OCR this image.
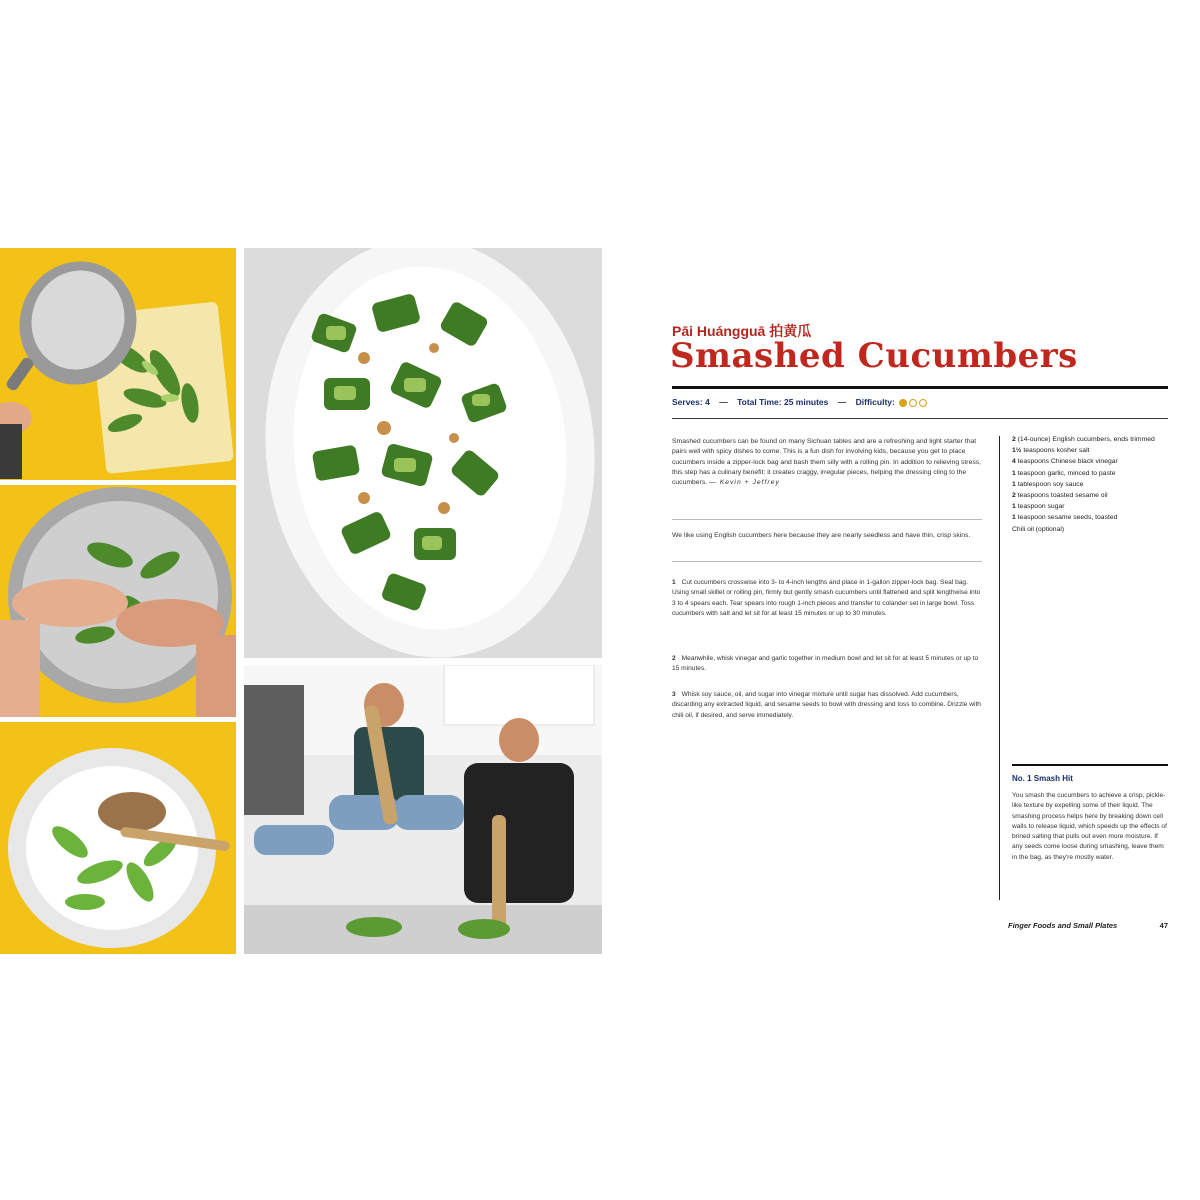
Pāi Huángguā 拍黄瓜
Smashed Cucumbers
Serves: 4 — Total Time: 25 minutes — Difficulty:
Smashed cucumbers can be found on many Sichuan tables and are a refreshing and light starter that pairs well with spicy dishes to come. This is a fun dish for involving kids, because you get to place cucumbers inside a zipper-lock bag and bash them silly with a rolling pin. In addition to relieving stress, this step has a culinary benefit: it creates craggy, irregular pieces, helping the dressing cling to the cucumbers. — Kevin + Jeffrey
We like using English cucumbers here because they are nearly seedless and have thin, crisp skins.
1 Cut cucumbers crosswise into 3- to 4-inch lengths and place in 1-gallon zipper-lock bag. Seal bag. Using small skillet or rolling pin, firmly but gently smash cucumbers until flattened and split lengthwise into 3 to 4 spears each. Tear spears into rough 1-inch pieces and transfer to colander set in large bowl. Toss cucumbers with salt and let sit for at least 15 minutes or up to 30 minutes.
2 Meanwhile, whisk vinegar and garlic together in medium bowl and let sit for at least 5 minutes or up to 15 minutes.
3 Whisk soy sauce, oil, and sugar into vinegar mixture until sugar has dissolved. Add cucumbers, discarding any extracted liquid, and sesame seeds to bowl with dressing and toss to combine. Drizzle with chili oil, if desired, and serve immediately.
2 (14-ounce) English cucumbers, ends trimmed
1½ teaspoons kosher salt
4 teaspoons Chinese black vinegar
1 teaspoon garlic, minced to paste
1 tablespoon soy sauce
2 teaspoons toasted sesame oil
1 teaspoon sugar
1 teaspoon sesame seeds, toasted
Chili oil (optional)
No. 1 Smash Hit

You smash the cucumbers to achieve a crisp, pickle-like texture by expelling some of their liquid. The smashing process helps here by breaking down cell walls to release liquid, which speeds up the effects of brined salting that pulls out even more moisture. If any seeds come loose during smashing, leave them in the bag, as they're mostly water.

Finger Foods and Small Plates	47
